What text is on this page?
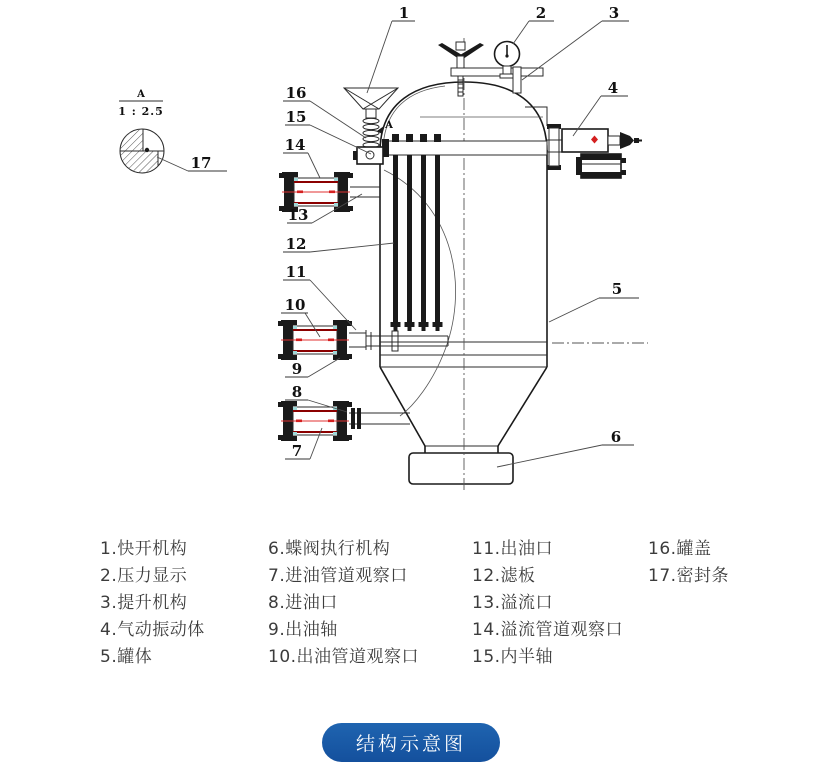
A
1 : 2.5
A
1	2	3
4
5
6
7
8
9
10
11
12
13
14
15
16
17
1.快开机构
2.压力显示
3.提升机构
4.气动振动体
5.罐体
6.蝶阀执行机构
7.进油管道观察口
8.进油口
9.出油轴
10.出油管道观察口
11.出油口
12.滤板
13.溢流口
14.溢流管道观察口
15.内半轴
16.罐盖
17.密封条
结构示意图
